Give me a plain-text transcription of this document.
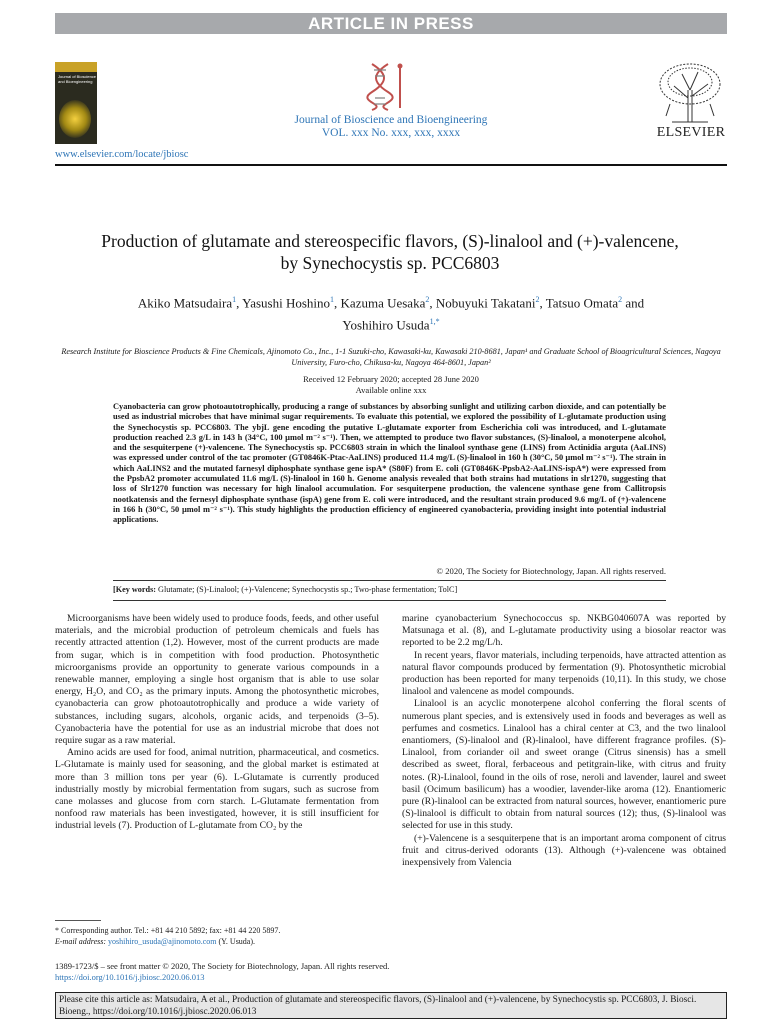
ARTICLE IN PRESS
Journal of Bioscience and Bioengineering
Journal of Bioscience and Bioengineering
VOL. xxx No. xxx, xxx, xxxx	ELSEVIER
www.elsevier.com/locate/jbiosc
Production of glutamate and stereospecific flavors, (S)-linalool and (+)-valencene,
by Synechocystis sp. PCC6803
Akiko Matsudaira$^1$, Yasushi Hoshino$^1$, Kazuma Uesaka$^2$, Nobuyuki Takatani$^2$, Tatsuo Omata$^2$ and
Yoshihiro Usuda$^{1,*}$
Research Institute for Bioscience Products & Fine Chemicals, Ajinomoto Co., Inc., 1-1 Suzuki-cho, Kawasaki-ku, Kawasaki 210-8681, Japan¹ and Graduate School of Bioagricultural Sciences, Nagoya University, Furo-cho, Chikusa-ku, Nagoya 464-8601, Japan²
Received 12 February 2020; accepted 28 June 2020
Available online xxx
Cyanobacteria can grow photoautotrophically, producing a range of substances by absorbing sunlight and utilizing carbon dioxide, and can potentially be used as industrial microbes that have minimal sugar requirements. To evaluate this potential, we explored the possibility of L-glutamate production using the Synechocystis sp. PCC6803. The ybjL gene encoding the putative L-glutamate exporter from Escherichia coli was introduced, and L-glutamate production reached 2.3 g/L in 143 h (34°C, 100 µmol m⁻² s⁻¹). Then, we attempted to produce two flavor substances, (S)-linalool, a monoterpene alcohol, and the sesquiterpene (+)-valencene. The Synechocystis sp. PCC6803 strain in which the linalool synthase gene (LINS) from Actinidia arguta (AaLINS) was expressed under control of the tac promoter (GT0846K-Ptac-AaLINS) produced 11.4 mg/L (S)-linalool in 160 h (30°C, 50 µmol m⁻² s⁻¹). The strain in which AaLINS2 and the mutated farnesyl diphosphate synthase gene ispA* (S80F) from E. coli (GT0846K-PpsbA2-AaLINS-ispA*) were expressed from the PpsbA2 promoter accumulated 11.6 mg/L (S)-linalool in 160 h. Genome analysis revealed that both strains had mutations in slr1270, suggesting that loss of Slr1270 function was necessary for high linalool accumulation. For sesquiterpene production, the valencene synthase gene from Callitropsis nootkatensis and the fernesyl diphosphate synthase (ispA) gene from E. coli were introduced, and the resultant strain produced 9.6 mg/L of (+)-valencene in 166 h (30°C, 50 µmol m⁻² s⁻¹). This study highlights the production efficiency of engineered cyanobacteria, providing insight into potential industrial applications.
© 2020, The Society for Biotechnology, Japan. All rights reserved.
[Key words: Glutamate; (S)-Linalool; (+)-Valencene; Synechocystis sp.; Two-phase fermentation; TolC]

Microorganisms have been widely used to produce foods, feeds, and other useful materials, and the microbial production of petroleum chemicals and fuels has recently attracted attention (1,2). However, most of the current products are made from sugar, which is in competition with food production. Photosynthetic microorganisms provide an opportunity to generate various compounds in a renewable manner, employing a single host organism that is able to use solar energy, H₂O, and CO₂ as the primary inputs. Among the photosynthetic microbes, cyanobacteria can grow photoautotrophically and produce a wide variety of substances, including sugars, alcohols, organic acids, and terpenoids (3–5). Cyanobacteria have the potential for use as an industrial microbe that does not require sugar as a raw material.

Amino acids are used for food, animal nutrition, pharmaceutical, and cosmetics. L-Glutamate is mainly used for seasoning, and the global market is estimated at more than 3 million tons per year (6). L-Glutamate is currently produced industrially mostly by microbial fermentation from sugars, such as sucrose from cane molasses and glucose from corn starch. L-Glutamate fermentation from nonfood raw materials has been investigated, however, it is still insufficient for industrial levels (7). Production of L-glutamate from CO₂ by the

marine cyanobacterium Synechococcus sp. NKBG040607A was reported by Matsunaga et al. (8), and L-glutamate productivity using a biosolar reactor was reported to be 2.2 mg/L/h.

In recent years, flavor materials, including terpenoids, have attracted attention as natural flavor compounds produced by fermentation (9). Photosynthetic microbial production has been reported for many terpenoids (10,11). In this study, we chose linalool and valencene as model compounds.

Linalool is an acyclic monoterpene alcohol conferring the floral scents of numerous plant species, and is extensively used in foods and beverages as well as perfumes and cosmetics. Linalool has a chiral center at C3, and the two linalool enantiomers, (S)-linalool and (R)-linalool, have different fragrance profiles. (S)-Linalool, from coriander oil and sweet orange (Citrus sinensis) has a smell described as sweet, floral, ferbaceous and petitgrain-like, with citrus and fruity notes. (R)-Linalool, found in the oils of rose, neroli and lavender, laurel and sweet basil (Ocimum basilicum) has a woodier, lavender-like aroma (12). Enantiomeric pure (R)-linalool can be extracted from natural sources, however, enantiomeric pure (S)-linalool is difficult to obtain from natural sources (12); thus, (S)-linalool was selected for use in this study.

(+)-Valencene is a sesquiterpene that is an important aroma component of citrus fruit and citrus-derived odorants (13). Although (+)-valencene was obtained inexpensively from Valencia

* Corresponding author. Tel.: +81 44 210 5892; fax: +81 44 220 5897.
E-mail address: yoshihiro_usuda@ajinomoto.com (Y. Usuda).
1389-1723/$ – see front matter © 2020, The Society for Biotechnology, Japan. All rights reserved.
https://doi.org/10.1016/j.jbiosc.2020.06.013
Please cite this article as: Matsudaira, A et al., Production of glutamate and stereospecific flavors, (S)-linalool and (+)-valencene, by Synechocystis sp. PCC6803, J. Biosci. Bioeng., https://doi.org/10.1016/j.jbiosc.2020.06.013
